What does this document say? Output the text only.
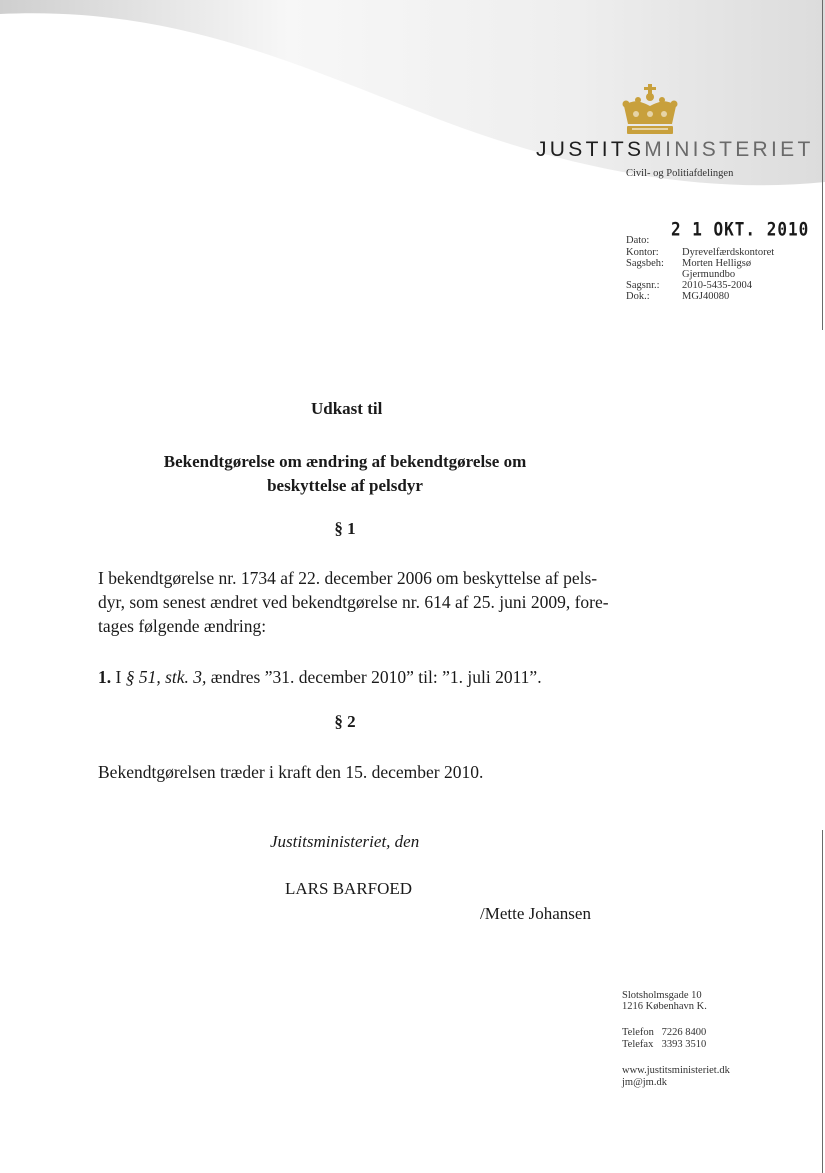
JUSTITSMINISTERIET
Civil- og Politiafdelingen
2 1 OKT. 2010
Dato:
Kontor: Dyrevelfærdskontoret
Sagsbeh: Morten Helligsø
Gjermundbo
Sagsnr.: 2010-5435-2004
Dok.:	MGJ40080
Udkast til
Bekendtgørelse om ændring af bekendtgørelse om
beskyttelse af pelsdyr
§ 1
I bekendtgørelse nr. 1734 af 22. december 2006 om beskyttelse af pels-
dyr, som senest ændret ved bekendtgørelse nr. 614 af 25. juni 2009, fore-
tages følgende ændring:
1. I § 51, stk. 3, ændres ”31. december 2010” til: ”1. juli 2011”.
§ 2
Bekendtgørelsen træder i kraft den 15. december 2010.
Justitsministeriet, den
LARS BARFOED
/Mette Johansen
Slotsholmsgade 10
1216 København K.
Telefon 7226 8400
Telefax 3393 3510
www.justitsministeriet.dk
jm@jm.dk
